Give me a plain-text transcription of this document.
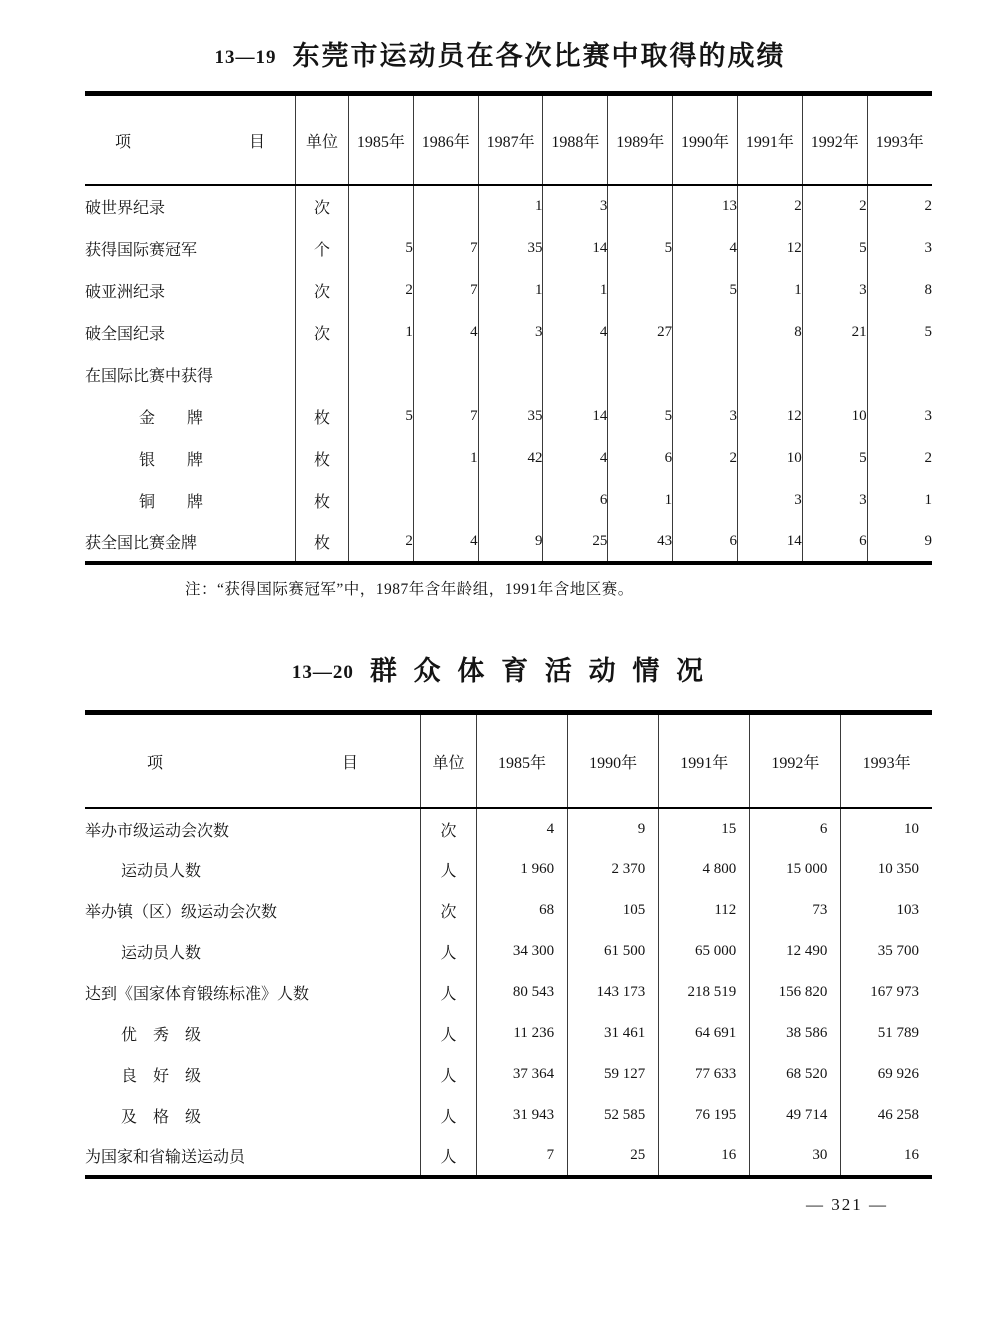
13—19 东莞市运动员在各次比赛中取得的成绩
项 目	单位	1985年	1986年	1987年	1988年	1989年	1990年	1991年	1992年	1993年
破世界纪录	次			1	3		13	2	2	2
获得国际赛冠军	个	5	7	35	14	5	4	12	5	3
破亚洲纪录	次	2	7	1	1		5	1	3	8
破全国纪录	次	1	4	3	4	27		8	21	5
在国际比赛中获得										
金　　牌	枚	5	7	35	14	5	3	12	10	3
银　　牌	枚		1	42	4	6	2	10	5	2
铜　　牌	枚				6	1		3	3	1
获全国比赛金牌	枚	2	4	9	25	43	6	14	6	9
注：“获得国际赛冠军”中，1987年含年龄组，1991年含地区赛。
13—20 群 众 体 育 活 动 情 况
项 目	单位	1985年	1990年	1991年	1992年	1993年
举办市级运动会次数	次	4	9	15	6	10
运动员人数	人	1 960	2 370	4 800	15 000	10 350
举办镇（区）级运动会次数	次	68	105	112	73	103
运动员人数	人	34 300	61 500	65 000	12 490	35 700
达到《国家体育锻练标准》人数	人	80 543	143 173	218 519	156 820	167 973
优　秀　级	人	11 236	31 461	64 691	38 586	51 789
良　好　级	人	37 364	59 127	77 633	68 520	69 926
及　格　级	人	31 943	52 585	76 195	49 714	46 258
为国家和省输送运动员	人	7	25	16	30	16
— 321 —
